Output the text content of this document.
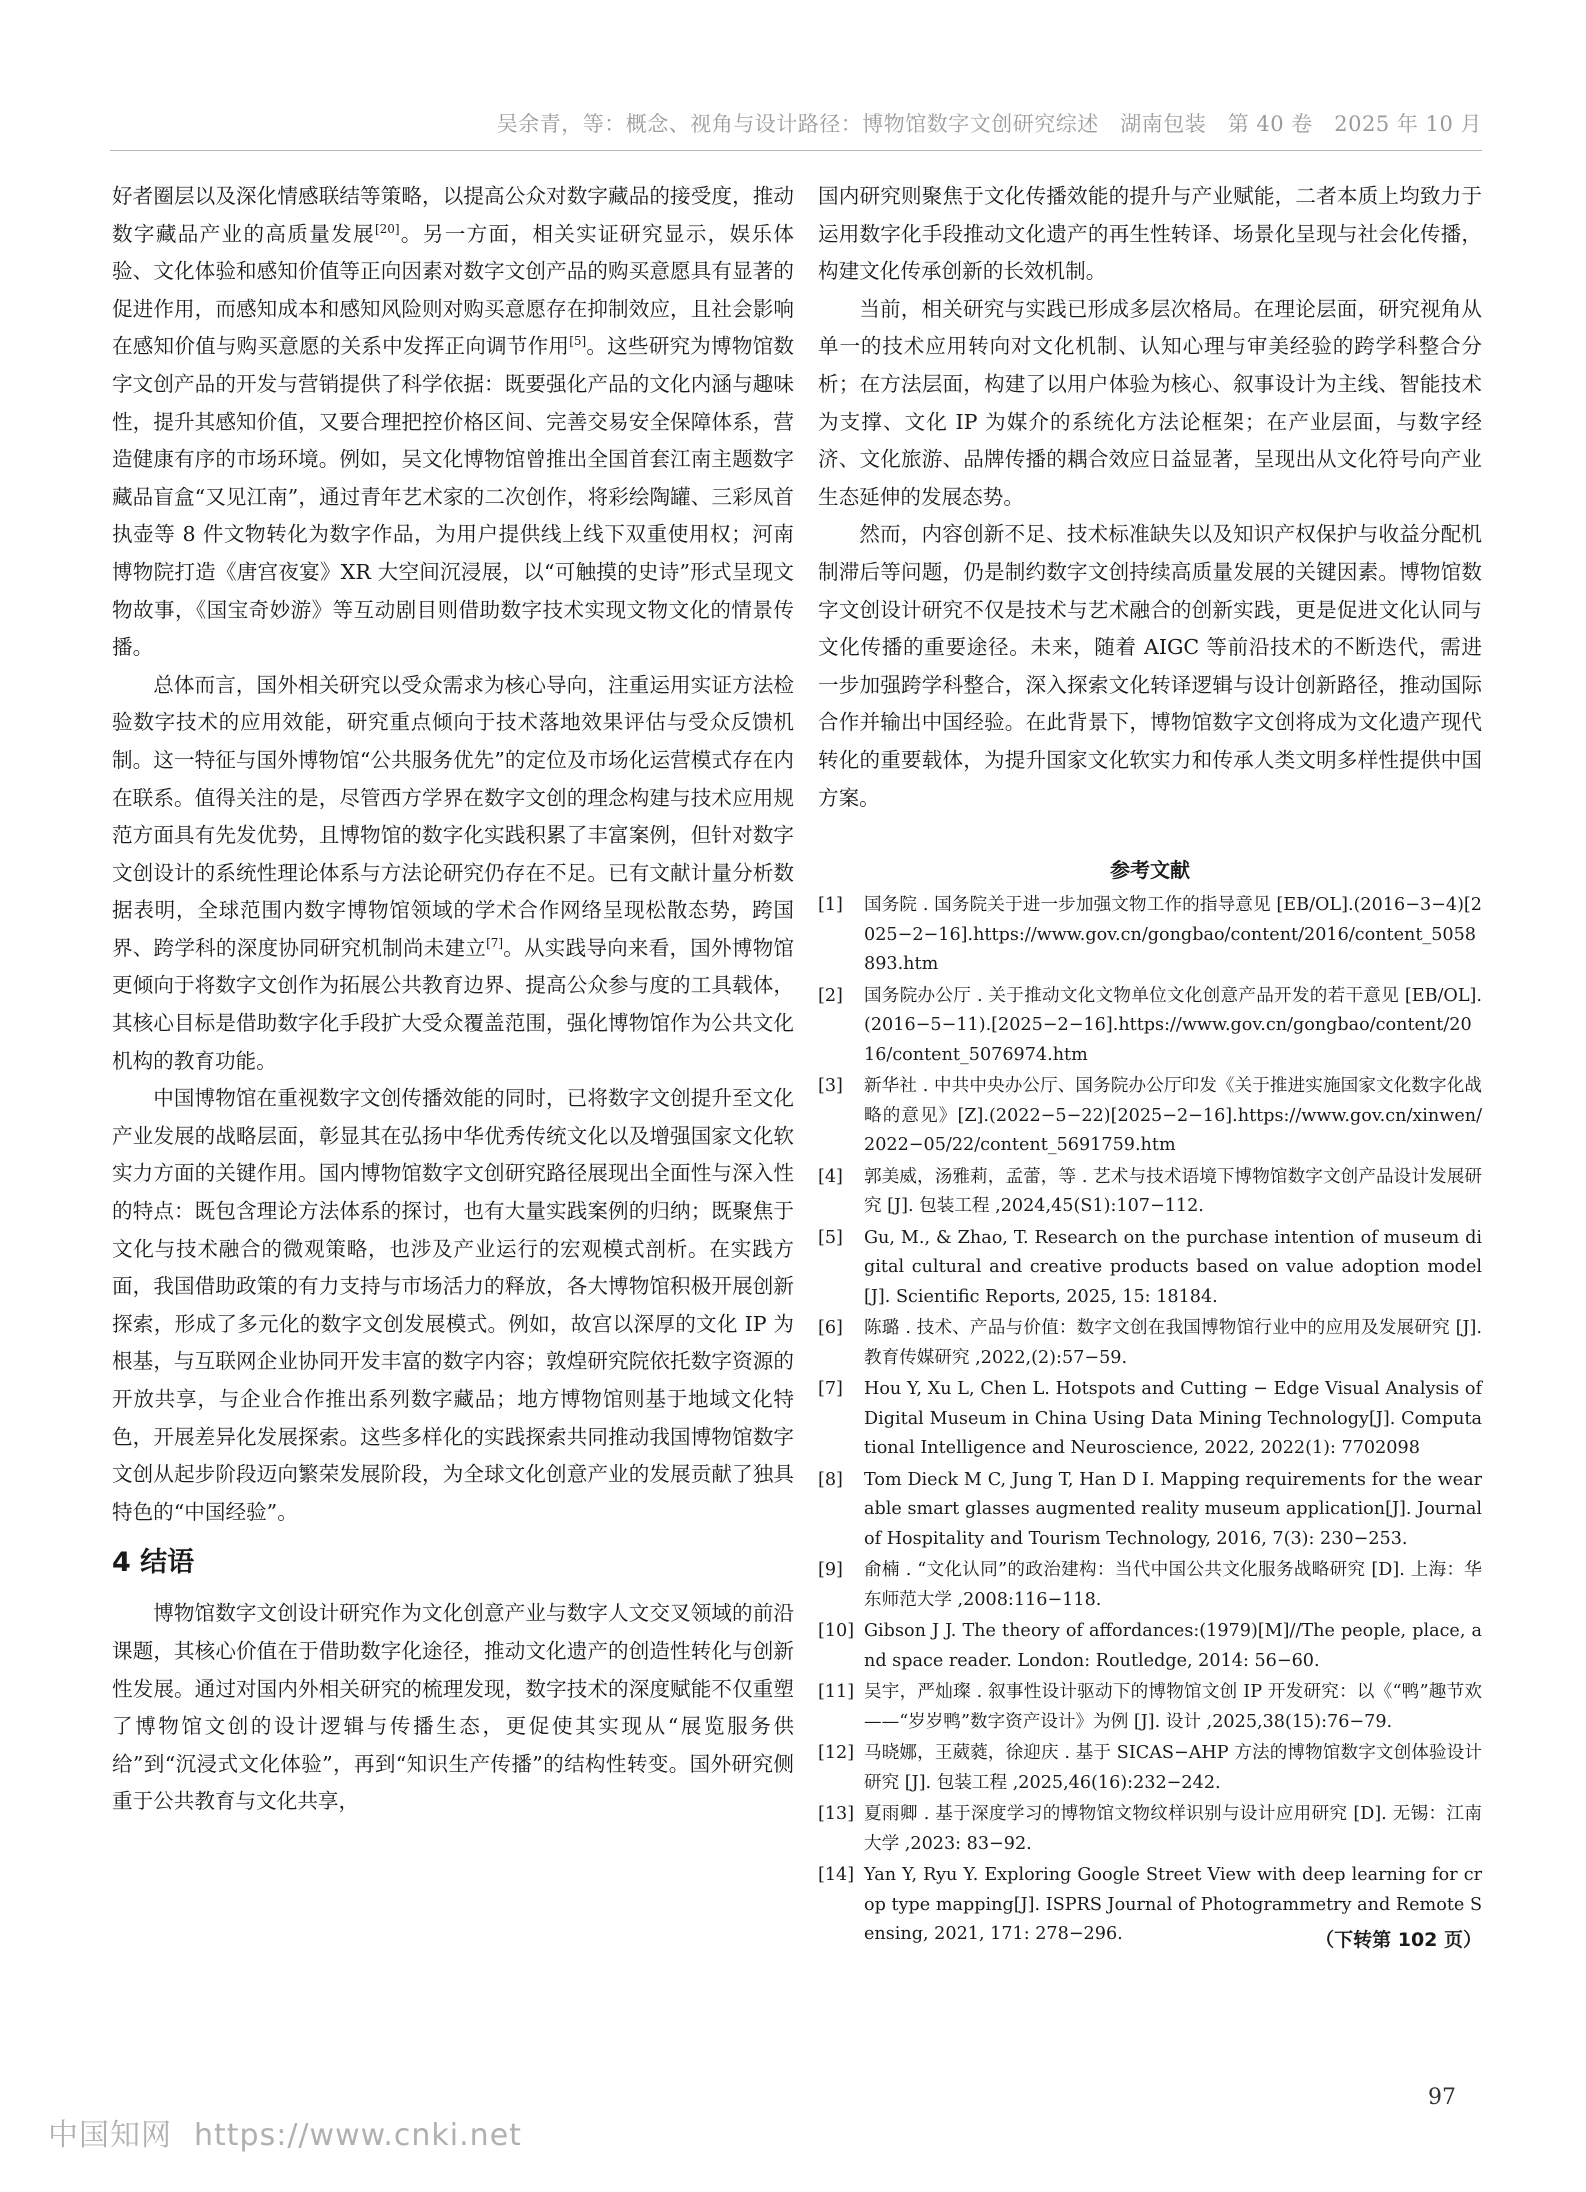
吴余青，等：概念、视角与设计路径：博物馆数字文创研究综述　湖南包装　第 40 卷　2025 年 10 月

好者圈层以及深化情感联结等策略，以提高公众对数字藏品的接受度，推动数字藏品产业的高质量发展[20]。另一方面，相关实证研究显示，娱乐体验、文化体验和感知价值等正向因素对数字文创产品的购买意愿具有显著的促进作用，而感知成本和感知风险则对购买意愿存在抑制效应，且社会影响在感知价值与购买意愿的关系中发挥正向调节作用[5]。这些研究为博物馆数字文创产品的开发与营销提供了科学依据：既要强化产品的文化内涵与趣味性，提升其感知价值，又要合理把控价格区间、完善交易安全保障体系，营造健康有序的市场环境。例如，吴文化博物馆曾推出全国首套江南主题数字藏品盲盒“又见江南”，通过青年艺术家的二次创作，将彩绘陶罐、三彩凤首执壶等 8 件文物转化为数字作品，为用户提供线上线下双重使用权；河南博物院打造《唐宫夜宴》XR 大空间沉浸展，以“可触摸的史诗”形式呈现文物故事，《国宝奇妙游》等互动剧目则借助数字技术实现文物文化的情景传播。

总体而言，国外相关研究以受众需求为核心导向，注重运用实证方法检验数字技术的应用效能，研究重点倾向于技术落地效果评估与受众反馈机制。这一特征与国外博物馆“公共服务优先”的定位及市场化运营模式存在内在联系。值得关注的是，尽管西方学界在数字文创的理念构建与技术应用规范方面具有先发优势，且博物馆的数字化实践积累了丰富案例，但针对数字文创设计的系统性理论体系与方法论研究仍存在不足。已有文献计量分析数据表明，全球范围内数字博物馆领域的学术合作网络呈现松散态势，跨国界、跨学科的深度协同研究机制尚未建立[7]。从实践导向来看，国外博物馆更倾向于将数字文创作为拓展公共教育边界、提高公众参与度的工具载体，其核心目标是借助数字化手段扩大受众覆盖范围，强化博物馆作为公共文化机构的教育功能。

中国博物馆在重视数字文创传播效能的同时，已将数字文创提升至文化产业发展的战略层面，彰显其在弘扬中华优秀传统文化以及增强国家文化软实力方面的关键作用。国内博物馆数字文创研究路径展现出全面性与深入性的特点：既包含理论方法体系的探讨，也有大量实践案例的归纳；既聚焦于文化与技术融合的微观策略，也涉及产业运行的宏观模式剖析。在实践方面，我国借助政策的有力支持与市场活力的释放，各大博物馆积极开展创新探索，形成了多元化的数字文创发展模式。例如，故宫以深厚的文化 IP 为根基，与互联网企业协同开发丰富的数字内容；敦煌研究院依托数字资源的开放共享，与企业合作推出系列数字藏品；地方博物馆则基于地域文化特色，开展差异化发展探索。这些多样化的实践探索共同推动我国博物馆数字文创从起步阶段迈向繁荣发展阶段，为全球文化创意产业的发展贡献了独具特色的“中国经验”。

4 结语

博物馆数字文创设计研究作为文化创意产业与数字人文交叉领域的前沿课题，其核心价值在于借助数字化途径，推动文化遗产的创造性转化与创新性发展。通过对国内外相关研究的梳理发现，数字技术的深度赋能不仅重塑了博物馆文创的设计逻辑与传播生态，更促使其实现从“展览服务供给”到“沉浸式文化体验”，再到“知识生产传播”的结构性转变。国外研究侧重于公共教育与文化共享，

国内研究则聚焦于文化传播效能的提升与产业赋能，二者本质上均致力于运用数字化手段推动文化遗产的再生性转译、场景化呈现与社会化传播，构建文化传承创新的长效机制。

当前，相关研究与实践已形成多层次格局。在理论层面，研究视角从单一的技术应用转向对文化机制、认知心理与审美经验的跨学科整合分析；在方法层面，构建了以用户体验为核心、叙事设计为主线、智能技术为支撑、文化 IP 为媒介的系统化方法论框架；在产业层面，与数字经济、文化旅游、品牌传播的耦合效应日益显著，呈现出从文化符号向产业生态延伸的发展态势。

然而，内容创新不足、技术标准缺失以及知识产权保护与收益分配机制滞后等问题，仍是制约数字文创持续高质量发展的关键因素。博物馆数字文创设计研究不仅是技术与艺术融合的创新实践，更是促进文化认同与文化传播的重要途径。未来，随着 AIGC 等前沿技术的不断迭代，需进一步加强跨学科整合，深入探索文化转译逻辑与设计创新路径，推动国际合作并输出中国经验。在此背景下，博物馆数字文创将成为文化遗产现代转化的重要载体，为提升国家文化软实力和传承人类文明多样性提供中国方案。

参考文献
[1]	国务院 . 国务院关于进一步加强文物工作的指导意见 [EB/OL].(2016−3−4)[2025−2−16].https://www.gov.cn/gongbao/content/2016/content_5058893.htm
[2]	国务院办公厅 . 关于推动文化文物单位文化创意产品开发的若干意见 [EB/OL].(2016−5−11).[2025−2−16].https://www.gov.cn/gongbao/content/2016/content_5076974.htm
[3]	新华社 . 中共中央办公厅、国务院办公厅印发《关于推进实施国家文化数字化战略的意见》[Z].(2022−5−22)[2025−2−16].https://www.gov.cn/xinwen/2022−05/22/content_5691759.htm
[4]	郭美威，汤雅莉，孟蕾，等 . 艺术与技术语境下博物馆数字文创产品设计发展研究 [J]. 包装工程 ,2024,45(S1):107−112.
[5]	Gu, M., & Zhao, T. Research on the purchase intention of museum digital cultural and creative products based on value adoption model[J]. Scientific Reports, 2025, 15: 18184.
[6]	陈璐 . 技术、产品与价值：数字文创在我国博物馆行业中的应用及发展研究 [J]. 教育传媒研究 ,2022,(2):57−59.
[7]	Hou Y, Xu L, Chen L. Hotspots and Cutting − Edge Visual Analysis of Digital Museum in China Using Data Mining Technology[J]. Computational Intelligence and Neuroscience, 2022, 2022(1): 7702098
[8]	Tom Dieck M C, Jung T, Han D I. Mapping requirements for the wearable smart glasses augmented reality museum application[J]. Journal of Hospitality and Tourism Technology, 2016, 7(3): 230−253.
[9]	俞楠 . “文化认同”的政治建构：当代中国公共文化服务战略研究 [D]. 上海：华东师范大学 ,2008:116−118.
[10] Gibson J J. The theory of affordances:(1979)[M]//The people, place, and space reader. London: Routledge, 2014: 56−60.
[11] 吴宇，严灿璨 . 叙事性设计驱动下的博物馆文创 IP 开发研究：以《“鸭”趣节欢——“岁岁鸭”数字资产设计》为例 [J]. 设计 ,2025,38(15):76−79.
[12] 马晓娜，王葳蕤，徐迎庆 . 基于 SICAS−AHP 方法的博物馆数字文创体验设计研究 [J]. 包装工程 ,2025,46(16):232−242.
[13] 夏雨卿 . 基于深度学习的博物馆文物纹样识别与设计应用研究 [D]. 无锡：江南大学 ,2023: 83−92.
[14] Yan Y, Ryu Y. Exploring Google Street View with deep learning for crop type mapping[J]. ISPRS Journal of Photogrammetry and Remote Sensing, 2021, 171: 278−296.	（下转第 102 页）
97
中国知网 https://www.cnki.net
